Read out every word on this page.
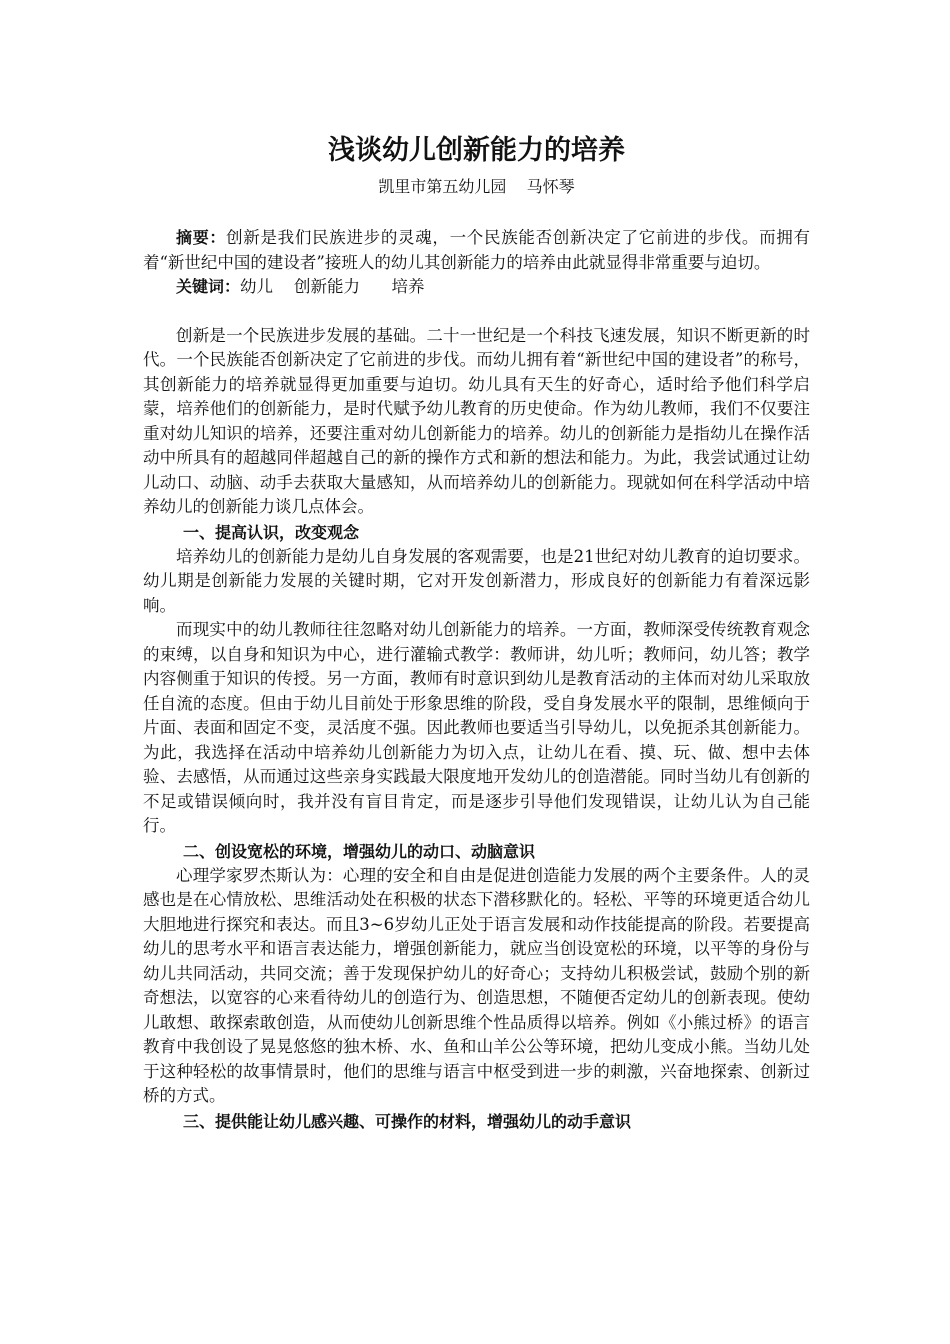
浅谈幼儿创新能力的培养

凯里市第五幼儿园    马怀琴

摘要：创新是我们民族进步的灵魂，一个民族能否创新决定了它前进的步伐。而拥有着“新世纪中国的建设者”接班人的幼儿其创新能力的培养由此就显得非常重要与迫切。

关键词：幼儿    创新能力      培养

创新是一个民族进步发展的基础。二十一世纪是一个科技飞速发展，知识不断更新的时代。一个民族能否创新决定了它前进的步伐。而幼儿拥有着“新世纪中国的建设者”的称号，其创新能力的培养就显得更加重要与迫切。幼儿具有天生的好奇心，适时给予他们科学启蒙，培养他们的创新能力，是时代赋予幼儿教育的历史使命。作为幼儿教师，我们不仅要注重对幼儿知识的培养，还要注重对幼儿创新能力的培养。幼儿的创新能力是指幼儿在操作活动中所具有的超越同伴超越自己的新的操作方式和新的想法和能力。为此，我尝试通过让幼儿动口、动脑、动手去获取大量感知，从而培养幼儿的创新能力。现就如何在科学活动中培养幼儿的创新能力谈几点体会。

一、提高认识，改变观念

培养幼儿的创新能力是幼儿自身发展的客观需要，也是21世纪对幼儿教育的迫切要求。幼儿期是创新能力发展的关键时期，它对开发创新潜力，形成良好的创新能力有着深远影响。

而现实中的幼儿教师往往忽略对幼儿创新能力的培养。一方面，教师深受传统教育观念的束缚，以自身和知识为中心，进行灌输式教学：教师讲，幼儿听；教师问，幼儿答；教学内容侧重于知识的传授。另一方面，教师有时意识到幼儿是教育活动的主体而对幼儿采取放任自流的态度。但由于幼儿目前处于形象思维的阶段，受自身发展水平的限制，思维倾向于片面、表面和固定不变，灵活度不强。因此教师也要适当引导幼儿，以免扼杀其创新能力。为此，我选择在活动中培养幼儿创新能力为切入点，让幼儿在看、摸、玩、做、想中去体验、去感悟，从而通过这些亲身实践最大限度地开发幼儿的创造潜能。同时当幼儿有创新的不足或错误倾向时，我并没有盲目肯定，而是逐步引导他们发现错误，让幼儿认为自己能行。

二、创设宽松的环境，增强幼儿的动口、动脑意识

心理学家罗杰斯认为：心理的安全和自由是促进创造能力发展的两个主要条件。人的灵感也是在心情放松、思维活动处在积极的状态下潜移默化的。轻松、平等的环境更适合幼儿大胆地进行探究和表达。而且3~6岁幼儿正处于语言发展和动作技能提高的阶段。若要提高幼儿的思考水平和语言表达能力，增强创新能力，就应当创设宽松的环境，以平等的身份与幼儿共同活动，共同交流；善于发现保护幼儿的好奇心；支持幼儿积极尝试，鼓励个别的新奇想法，以宽容的心来看待幼儿的创造行为、创造思想，不随便否定幼儿的创新表现。使幼儿敢想、敢探索敢创造，从而使幼儿创新思维个性品质得以培养。例如《小熊过桥》的语言教育中我创设了晃晃悠悠的独木桥、水、鱼和山羊公公等环境，把幼儿变成小熊。当幼儿处于这种轻松的故事情景时，他们的思维与语言中枢受到进一步的刺激，兴奋地探索、创新过桥的方式。

三、提供能让幼儿感兴趣、可操作的材料，增强幼儿的动手意识
